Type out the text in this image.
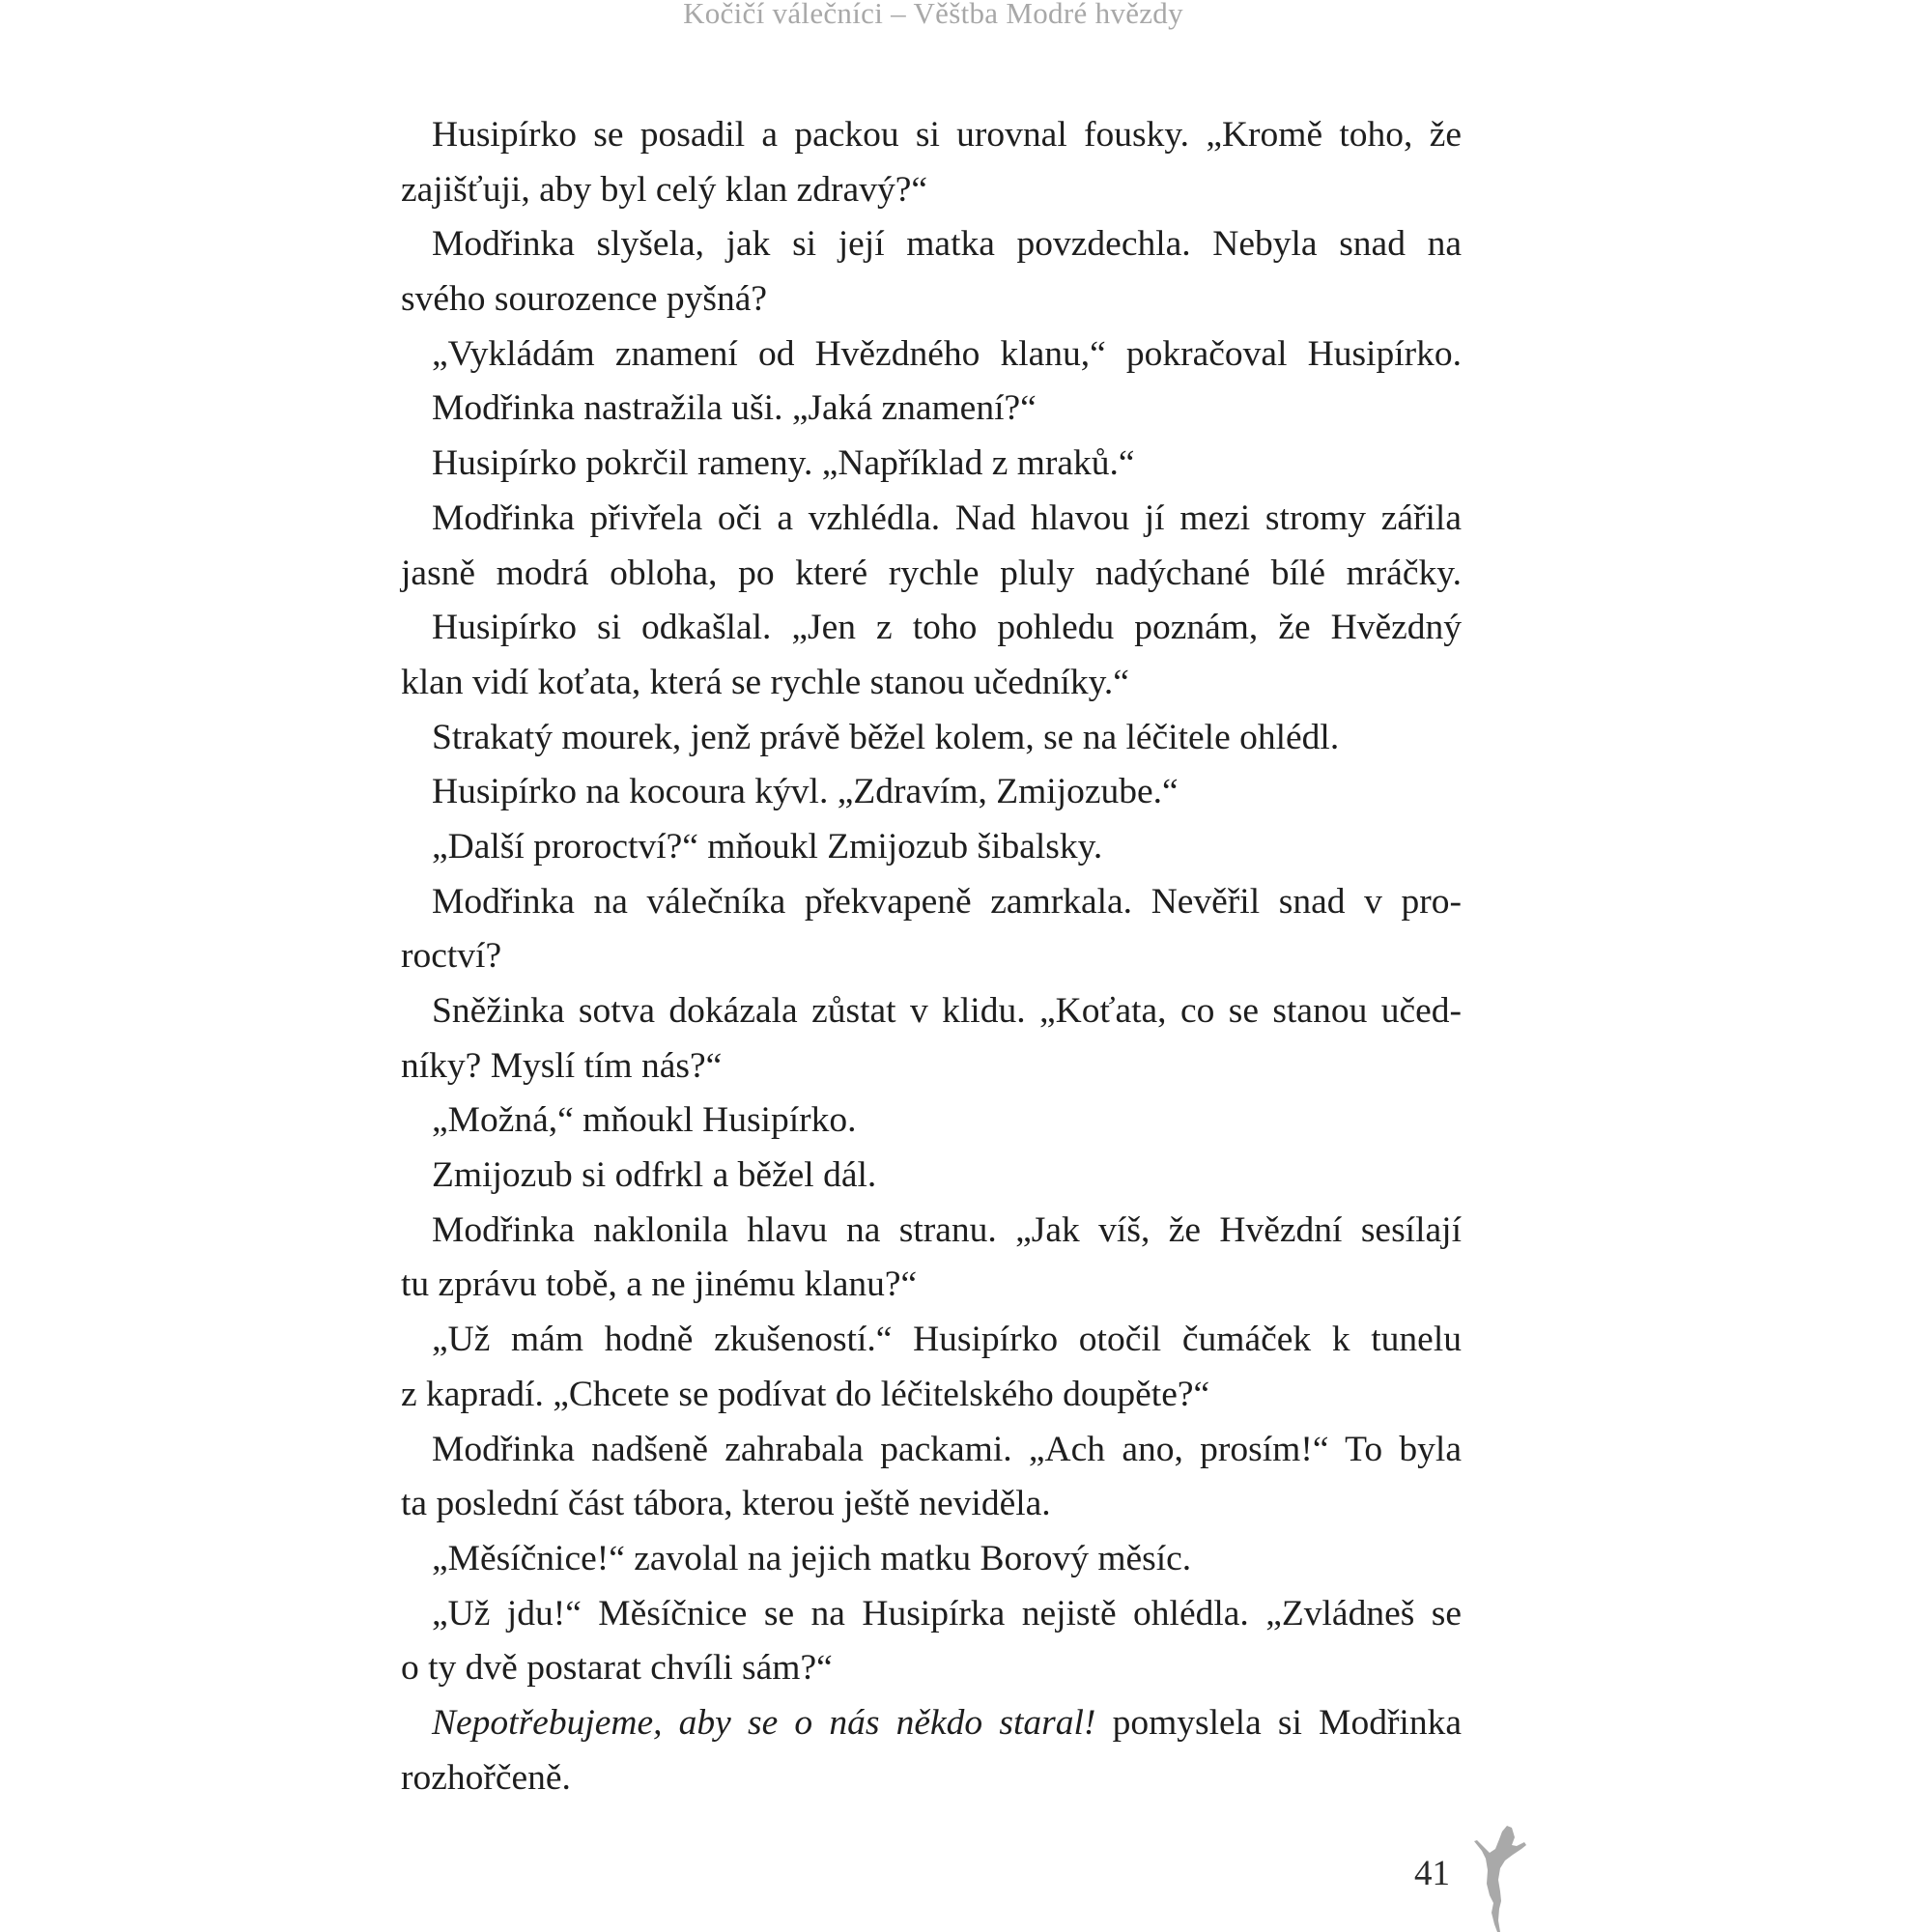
Kočičí válečníci – Věštba Modré hvězdy
Husipírko se posadil a packou si urovnal fousky. „Kromě toho, že
zajišťuji, aby byl celý klan zdravý?“
Modřinka slyšela, jak si její matka povzdechla. Nebyla snad na
svého sourozence pyšná?
„Vykládám znamení od Hvězdného klanu,“ pokračoval Husipírko.
Modřinka nastražila uši. „Jaká znamení?“
Husipírko pokrčil rameny. „Například z mraků.“
Modřinka přivřela oči a vzhlédla. Nad hlavou jí mezi stromy zářila
jasně modrá obloha, po které rychle pluly nadýchané bílé mráčky.
Husipírko si odkašlal. „Jen z toho pohledu poznám, že Hvězdný
klan vidí koťata, která se rychle stanou učedníky.“
Strakatý mourek, jenž právě běžel kolem, se na léčitele ohlédl.
Husipírko na kocoura kývl. „Zdravím, Zmijozube.“
„Další proroctví?“ mňoukl Zmijozub šibalsky.
Modřinka na válečníka překvapeně zamrkala. Nevěřil snad v pro-
roctví?
Sněžinka sotva dokázala zůstat v klidu. „Koťata, co se stanou učed-
níky? Myslí tím nás?“
„Možná,“ mňoukl Husipírko.
Zmijozub si odfrkl a běžel dál.
Modřinka naklonila hlavu na stranu. „Jak víš, že Hvězdní sesílají
tu zprávu tobě, a ne jinému klanu?“
„Už mám hodně zkušeností.“ Husipírko otočil čumáček k tunelu
z kapradí. „Chcete se podívat do léčitelského doupěte?“
Modřinka nadšeně zahrabala packami. „Ach ano, prosím!“ To byla
ta poslední část tábora, kterou ještě neviděla.
„Měsíčnice!“ zavolal na jejich matku Borový měsíc.
„Už jdu!“ Měsíčnice se na Husipírka nejistě ohlédla. „Zvládneš se
o ty dvě postarat chvíli sám?“
Nepotřebujeme, aby se o nás někdo staral! pomyslela si Modřinka
rozhořčeně.
41
